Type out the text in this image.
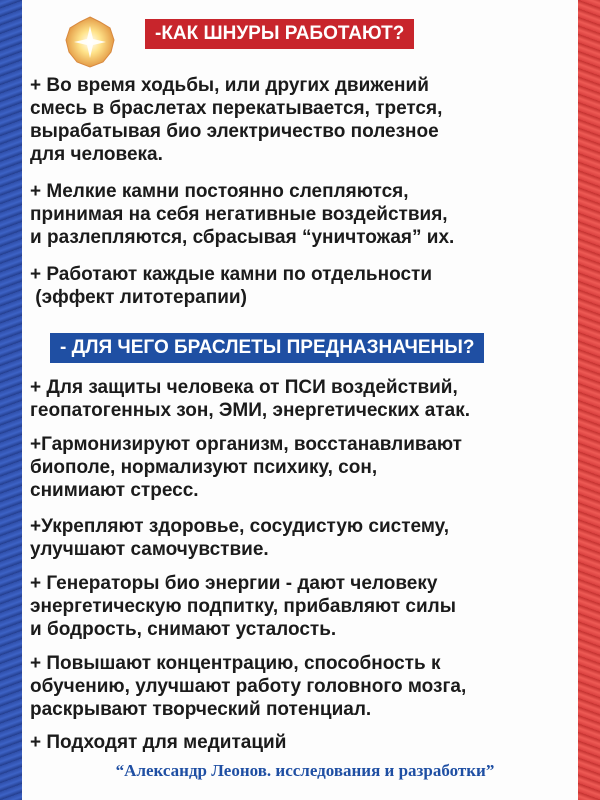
-КАК ШНУРЫ РАБОТАЮТ?

+ Во время ходьбы, или других движений
смесь в браслетах перекатывается, трется,
вырабатывая био электричество полезное
для человека.

+ Мелкие камни постоянно слепляются,
принимая на себя негативные воздействия,
и разлепляются, сбрасывая “уничтожая” их.

+ Работают каждые камни по отдельности
(эффект литотерапии)

- ДЛЯ ЧЕГО БРАСЛЕТЫ ПРЕДНАЗНАЧЕНЫ?

+ Для защиты человека от ПСИ воздействий,
геопатогенных зон, ЭМИ, энергетических атак.

+Гармонизируют организм, восстанавливают
биополе, нормализуют психику, сон,
снимиают стресс.

+Укрепляют здоровье, сосудистую систему,
улучшают самочувствие.

+ Генераторы био энергии - дают человеку
энергетическую подпитку, прибавляют силы
и бодрость, снимают усталость.

+ Повышают концентрацию, способность к
обучению, улучшают работу головного мозга,
раскрывают творческий потенциал.

+ Подходят для медитаций

“Александр Леонов. исследования и разработки”
